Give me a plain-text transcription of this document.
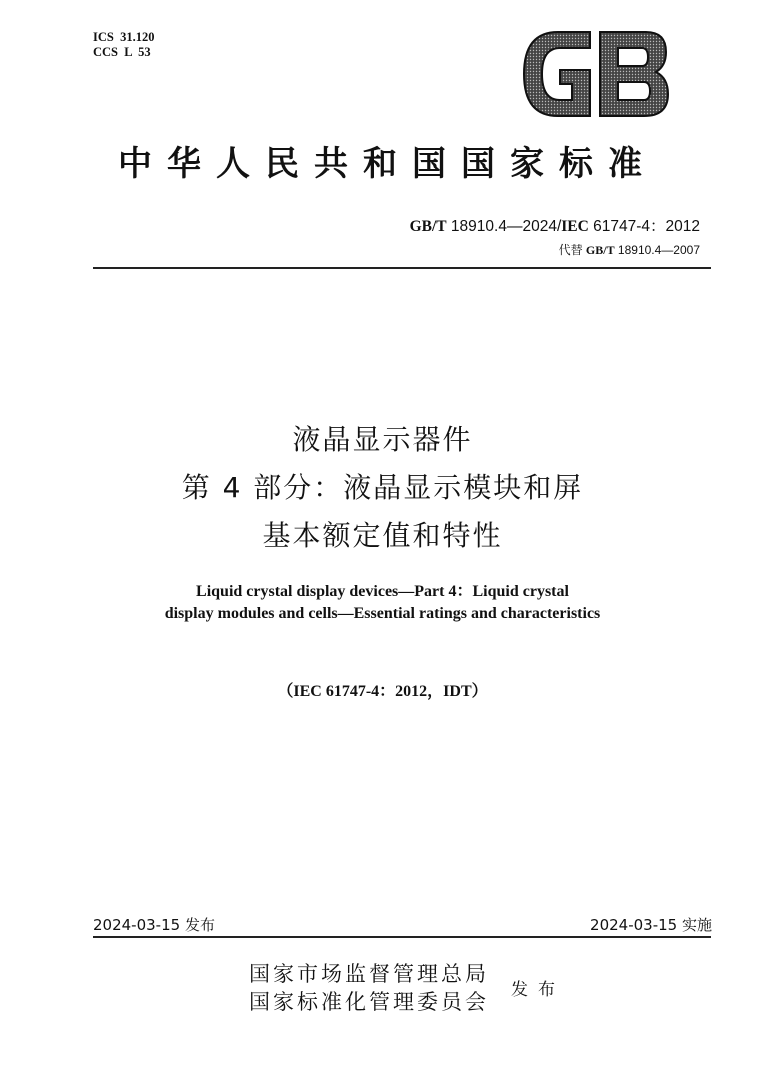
ICS  31.120
CCS  L  53
中华人民共和国国家标准
GB/T 18910.4—2024/IEC 61747-4：2012
代替 GB/T 18910.4—2007
液晶显示器件
第 4 部分：液晶显示模块和屏
基本额定值和特性
Liquid crystal display devices—Part 4：Liquid crystal
display modules and cells—Essential ratings and characteristics
（IEC 61747-4：2012，IDT）
2024-03-15 发布	2024-03-15 实施
国家市场监督管理总局
国家标准化管理委员会 发布
